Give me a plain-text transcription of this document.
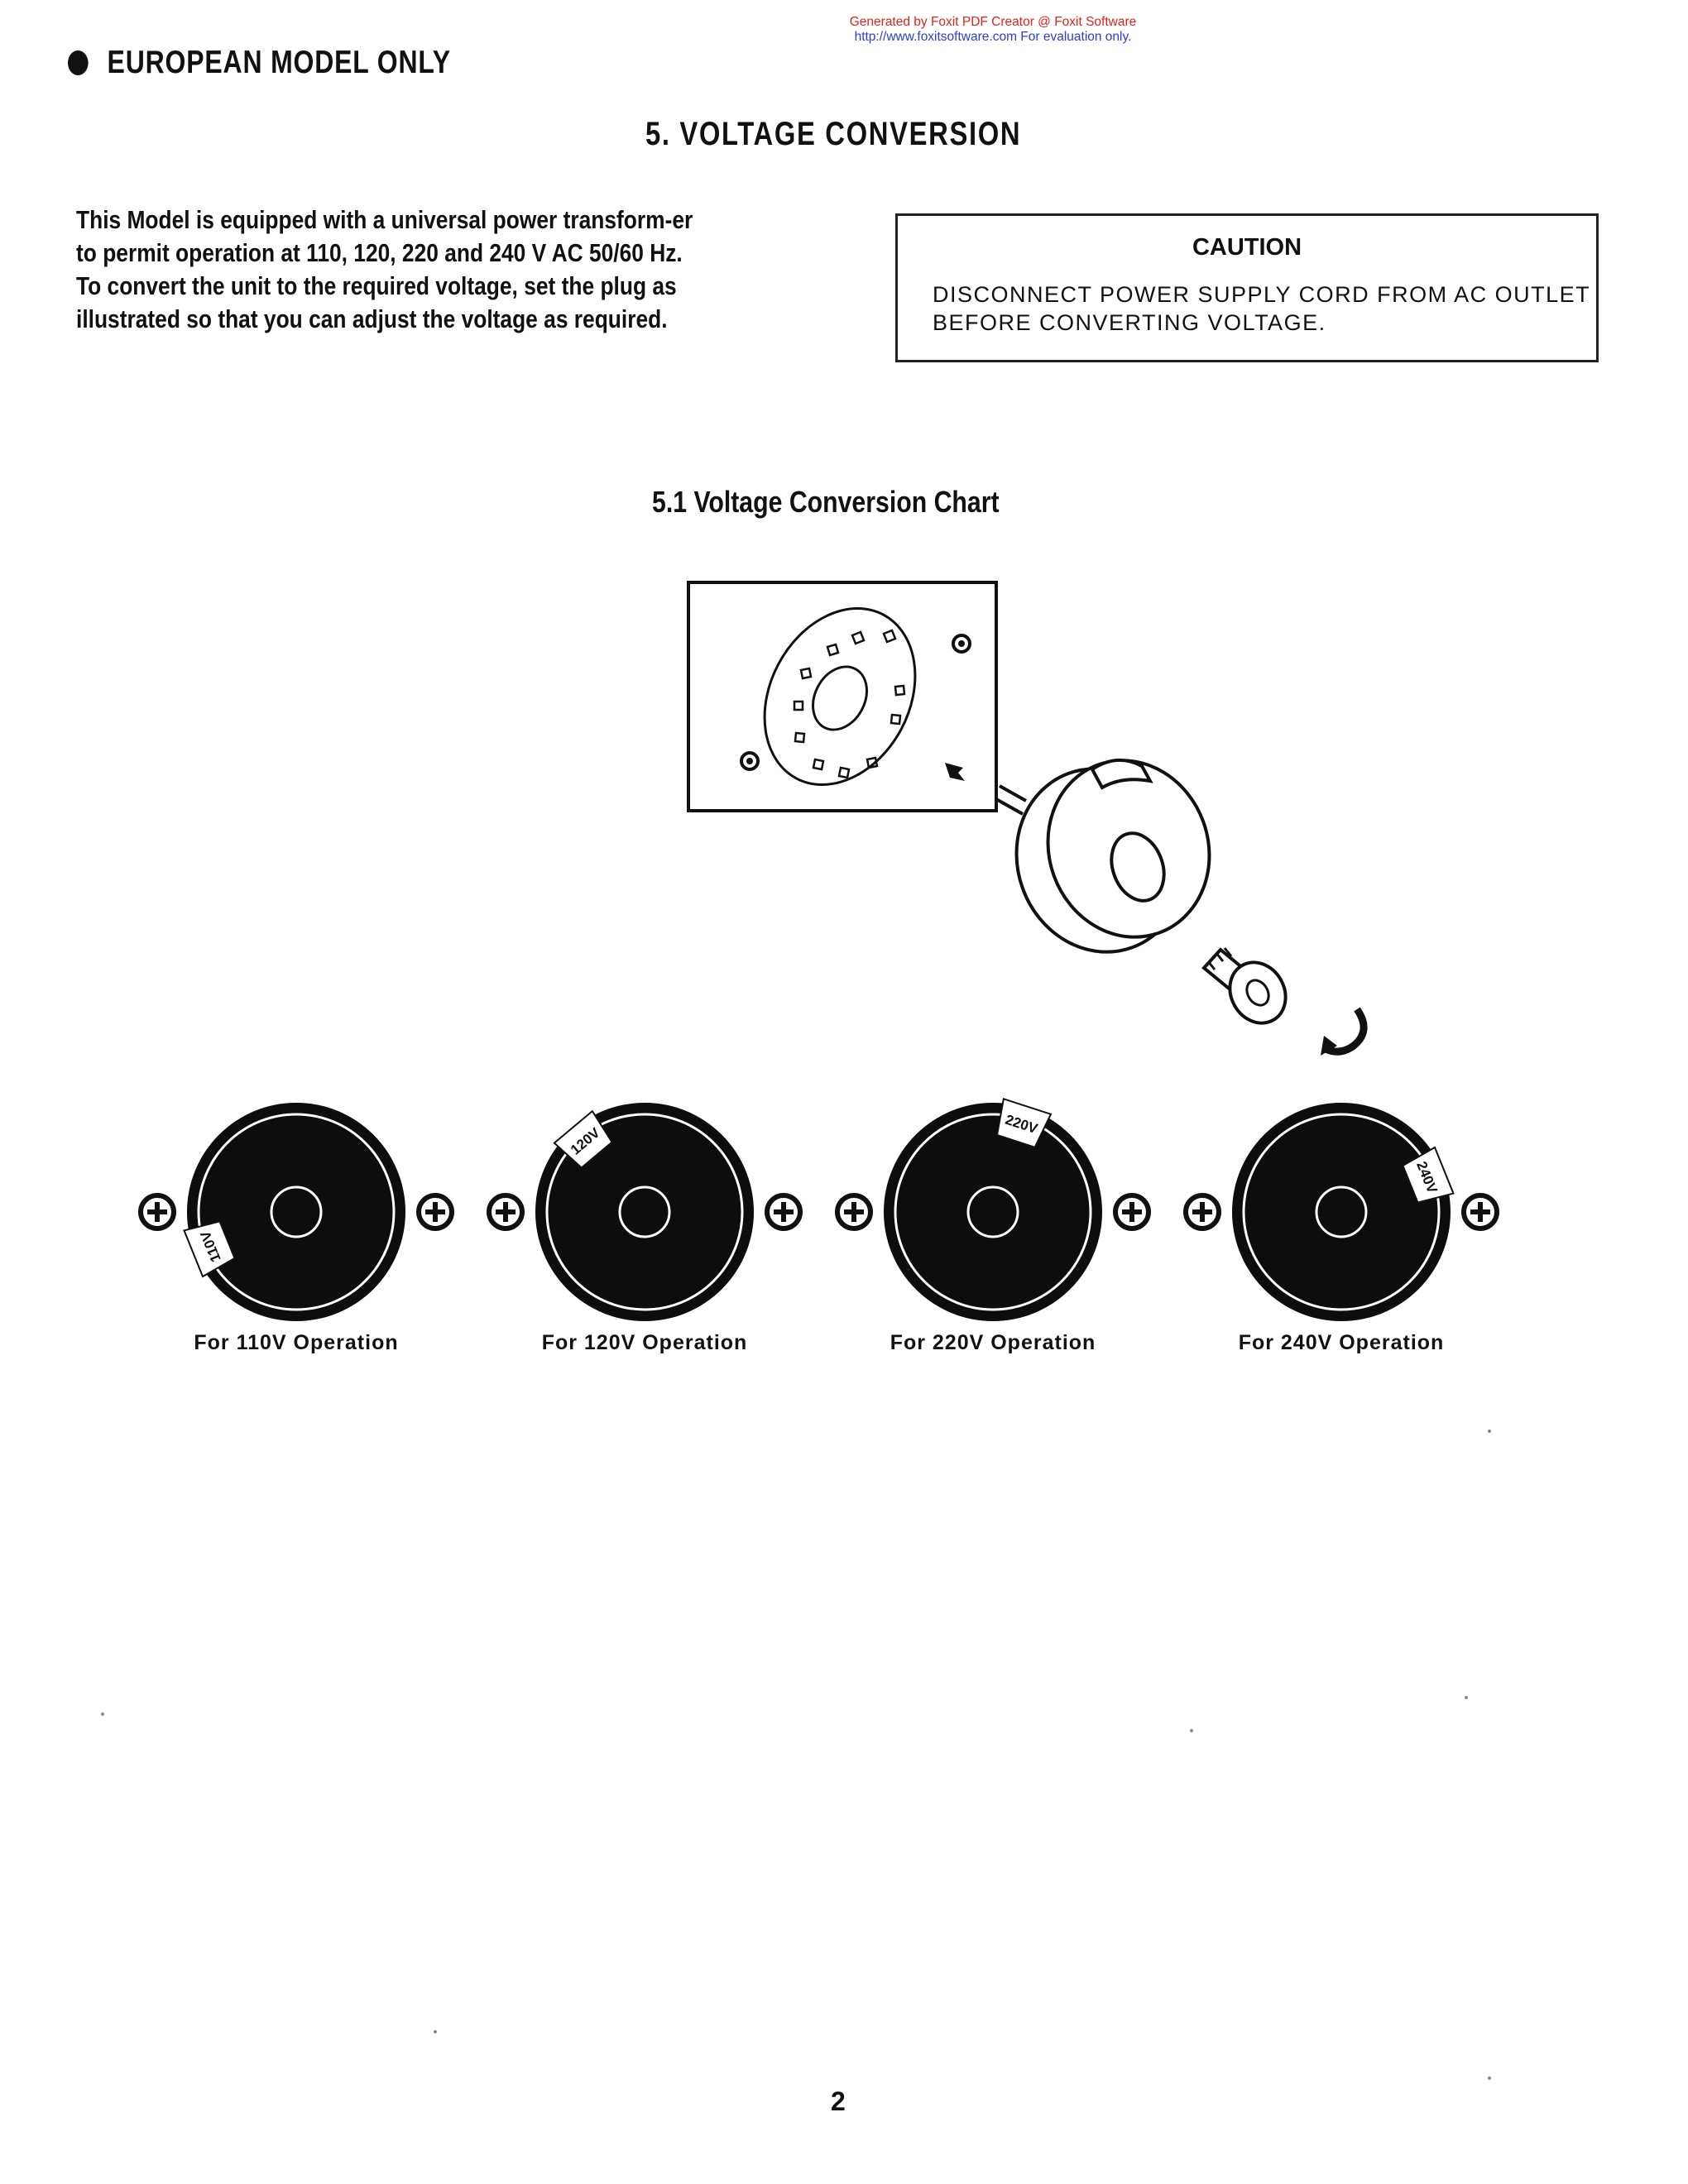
Generated by Foxit PDF Creator @ Foxit Software
http://www.foxitsoftware.com For evaluation only.
EUROPEAN MODEL ONLY
5. VOLTAGE CONVERSION

This Model is equipped with a universal power transform-er to permit operation at 110, 120, 220 and 240 V AC 50/60 Hz.

To convert the unit to the required voltage, set the plug as illustrated so that you can adjust the voltage as required.

CAUTION
DISCONNECT POWER SUPPLY CORD FROM AC OUTLET BEFORE CONVERTING VOLTAGE.
5.1 Voltage Conversion Chart
110V
For 110V Operation
120V
For 120V Operation
220V
For 220V Operation
240V
For 240V Operation
2
